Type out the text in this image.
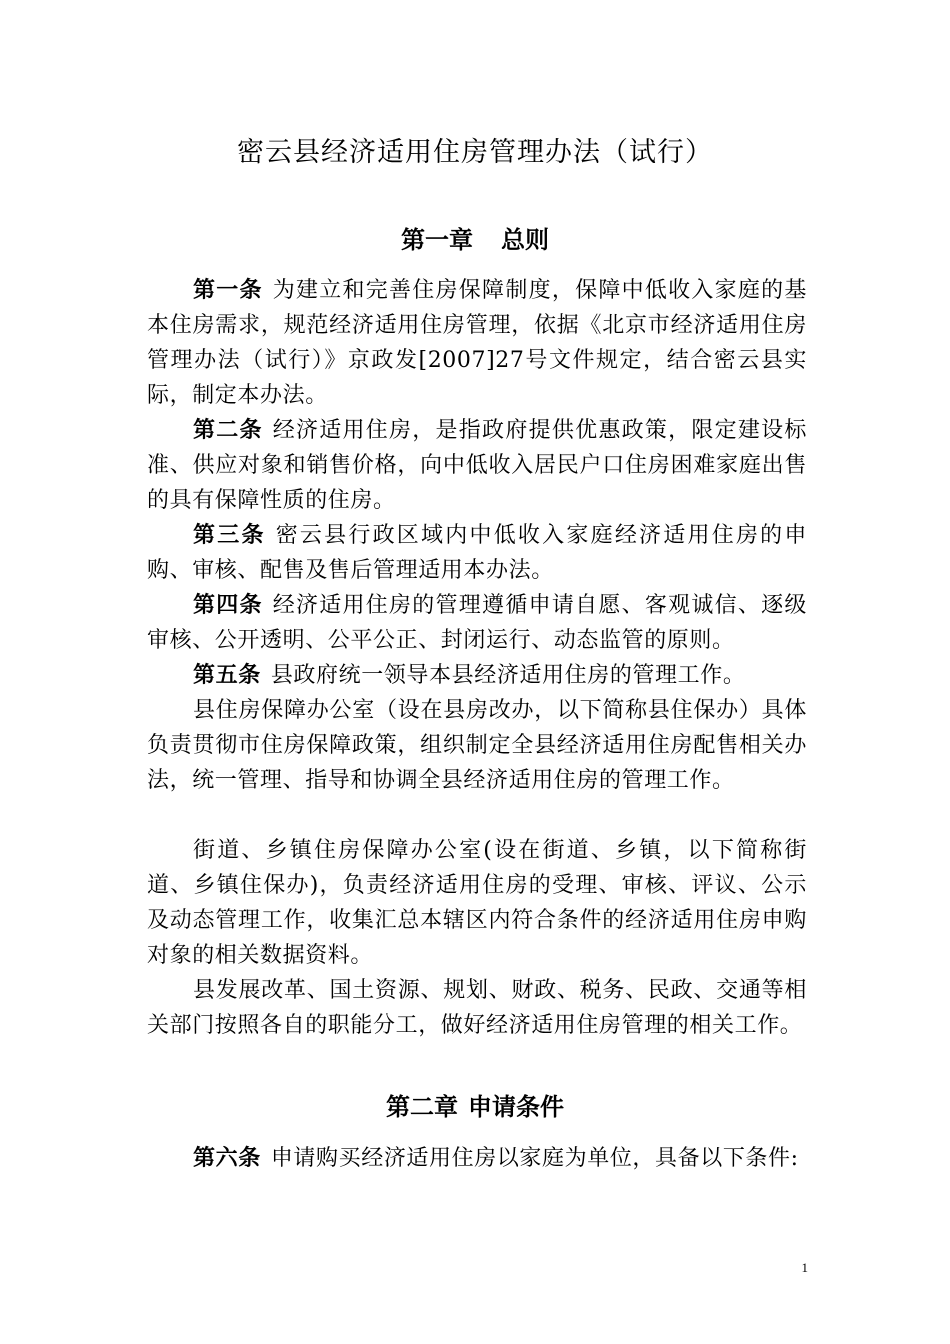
密云县经济适用住房管理办法（试行）
第一章 总则

第一条 为建立和完善住房保障制度，保障中低收入家庭的基本住房需求，规范经济适用住房管理，依据《北京市经济适用住房管理办法（试行）》京政发[2007]27号文件规定，结合密云县实际，制定本办法。

第二条 经济适用住房，是指政府提供优惠政策，限定建设标准、供应对象和销售价格，向中低收入居民户口住房困难家庭出售的具有保障性质的住房。

第三条 密云县行政区域内中低收入家庭经济适用住房的申购、审核、配售及售后管理适用本办法。

第四条 经济适用住房的管理遵循申请自愿、客观诚信、逐级审核、公开透明、公平公正、封闭运行、动态监管的原则。

第五条 县政府统一领导本县经济适用住房的管理工作。

县住房保障办公室（设在县房改办，以下简称县住保办）具体负责贯彻市住房保障政策，组织制定全县经济适用住房配售相关办法，统一管理、指导和协调全县经济适用住房的管理工作。

街道、乡镇住房保障办公室(设在街道、乡镇，以下简称街道、乡镇住保办)，负责经济适用住房的受理、审核、评议、公示及动态管理工作，收集汇总本辖区内符合条件的经济适用住房申购对象的相关数据资料。

县发展改革、国土资源、规划、财政、税务、民政、交通等相关部门按照各自的职能分工，做好经济适用住房管理的相关工作。

第二章 申请条件

第六条 申请购买经济适用住房以家庭为单位，具备以下条件:

1
